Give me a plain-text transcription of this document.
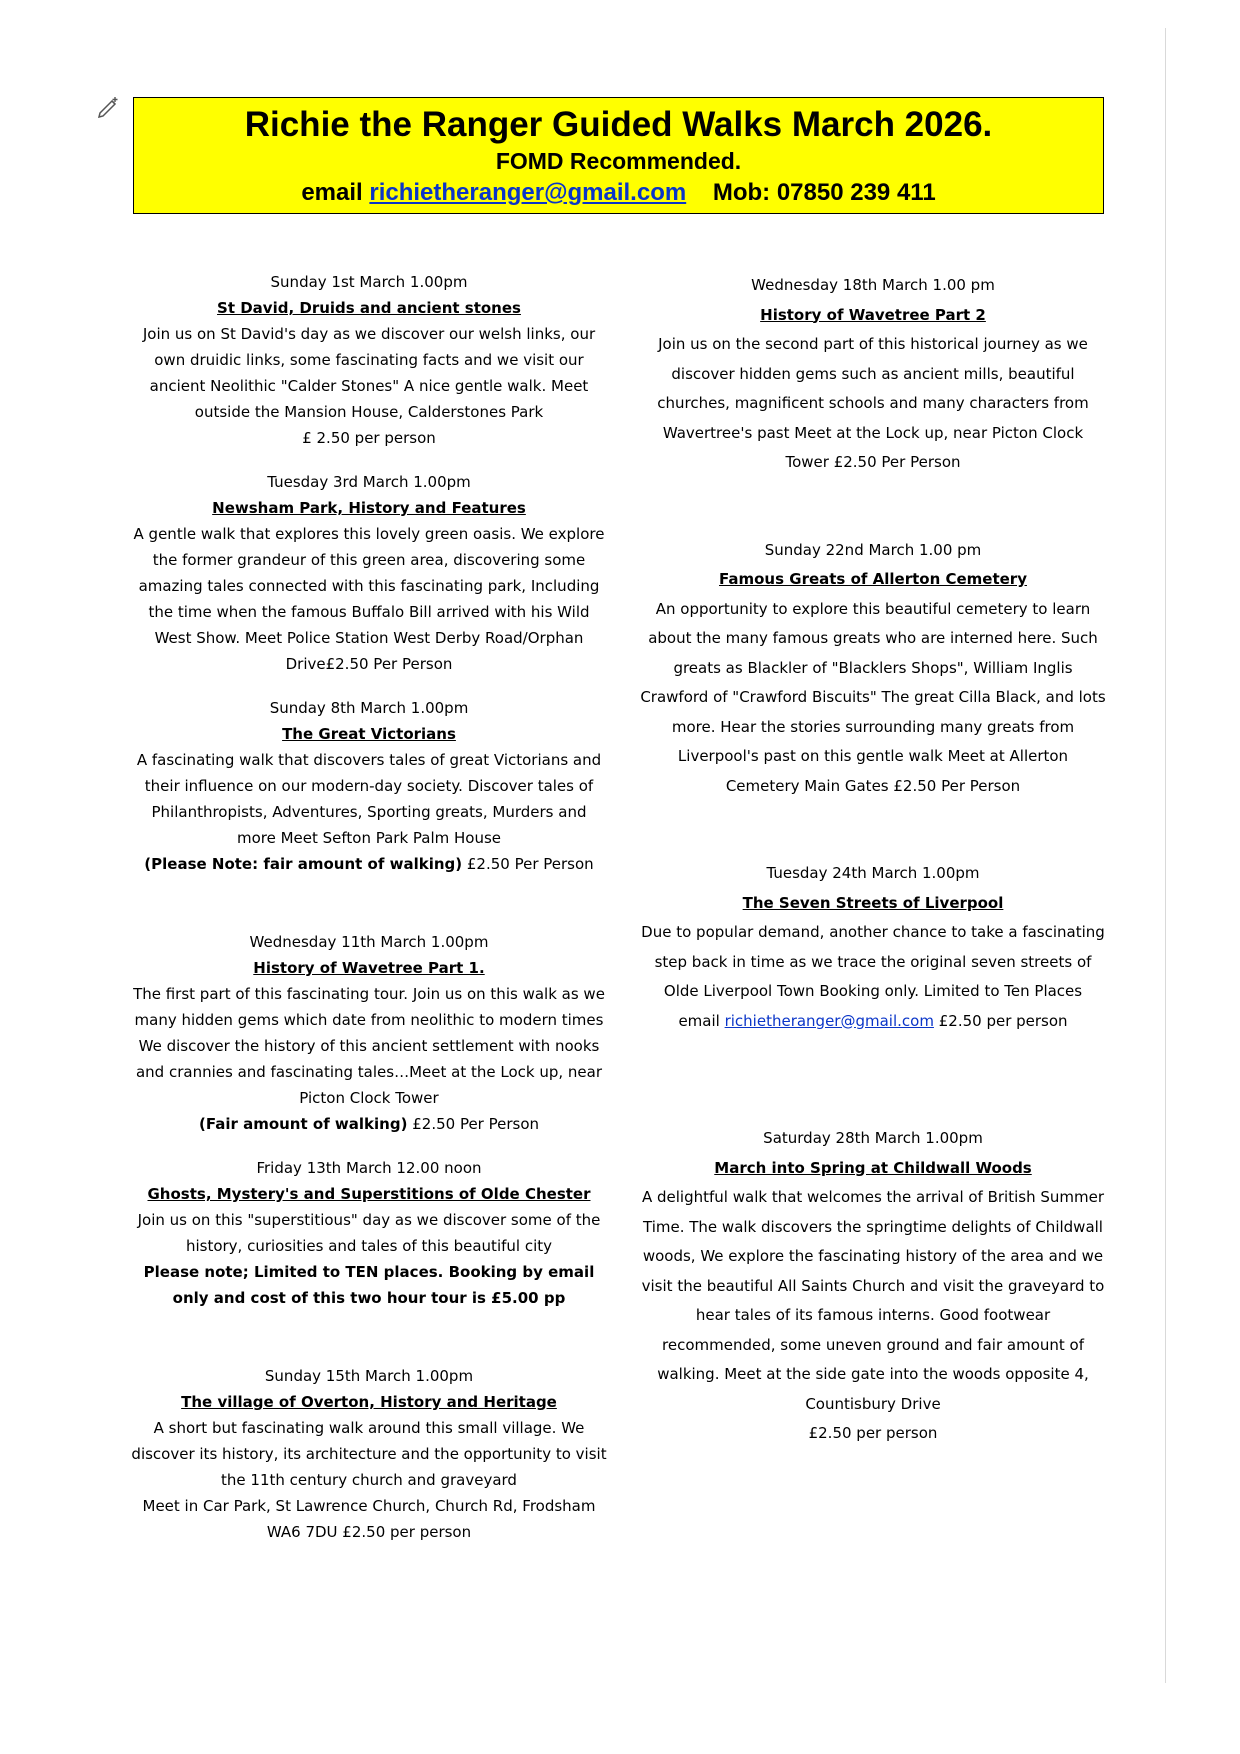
Richie the Ranger Guided Walks March 2026.
FOMD Recommended.
email richietheranger@gmail.com Mob: 07850 239 411
Sunday 1st March 1.00pm
St David, Druids and ancient stones
Join us on St David's day as we discover our welsh links, our own druidic links, some fascinating facts and we visit our ancient Neolithic "Calder Stones" A nice gentle walk. Meet outside the Mansion House, Calderstones Park
£ 2.50 per person
Tuesday 3rd March 1.00pm
Newsham Park, History and Features
A gentle walk that explores this lovely green oasis. We explore the former grandeur of this green area, discovering some amazing tales connected with this fascinating park, Including the time when the famous Buffalo Bill arrived with his Wild West Show. Meet Police Station West Derby Road/Orphan Drive£2.50 Per Person
Sunday 8th March 1.00pm
The Great Victorians
A fascinating walk that discovers tales of great Victorians and their influence on our modern-day society. Discover tales of Philanthropists, Adventures, Sporting greats, Murders and more Meet Sefton Park Palm House
(Please Note: fair amount of walking) £2.50 Per Person
Wednesday 11th March 1.00pm
History of Wavetree Part 1.
The first part of this fascinating tour. Join us on this walk as we many hidden gems which date from neolithic to modern times We discover the history of this ancient settlement with nooks and crannies and fascinating tales…Meet at the Lock up, near Picton Clock Tower
(Fair amount of walking) £2.50 Per Person
Friday 13th March 12.00 noon
Ghosts, Mystery's and Superstitions of Olde Chester
Join us on this "superstitious" day as we discover some of the history, curiosities and tales of this beautiful city
Please note; Limited to TEN places. Booking by email only and cost of this two hour tour is £5.00 pp
Sunday 15th March 1.00pm
The village of Overton, History and Heritage
A short but fascinating walk around this small village. We discover its history, its architecture and the opportunity to visit the 11th century church and graveyard
Meet in Car Park, St Lawrence Church, Church Rd, Frodsham WA6 7DU £2.50 per person
Wednesday 18th March 1.00 pm
History of Wavetree Part 2
Join us on the second part of this historical journey as we discover hidden gems such as ancient mills, beautiful churches, magnificent schools and many characters from Wavertree's past Meet at the Lock up, near Picton Clock Tower £2.50 Per Person
Sunday 22nd March 1.00 pm
Famous Greats of Allerton Cemetery
An opportunity to explore this beautiful cemetery to learn about the many famous greats who are interned here. Such greats as Blackler of "Blacklers Shops", William Inglis Crawford of "Crawford Biscuits" The great Cilla Black, and lots more. Hear the stories surrounding many greats from Liverpool's past on this gentle walk Meet at Allerton Cemetery Main Gates £2.50 Per Person
Tuesday 24th March 1.00pm
The Seven Streets of Liverpool
Due to popular demand, another chance to take a fascinating step back in time as we trace the original seven streets of Olde Liverpool Town Booking only. Limited to Ten Places
email richietheranger@gmail.com £2.50 per person
Saturday 28th March 1.00pm
March into Spring at Childwall Woods
A delightful walk that welcomes the arrival of British Summer Time. The walk discovers the springtime delights of Childwall woods, We explore the fascinating history of the area and we visit the beautiful All Saints Church and visit the graveyard to hear tales of its famous interns. Good footwear recommended, some uneven ground and fair amount of walking. Meet at the side gate into the woods opposite 4, Countisbury Drive
£2.50 per person
